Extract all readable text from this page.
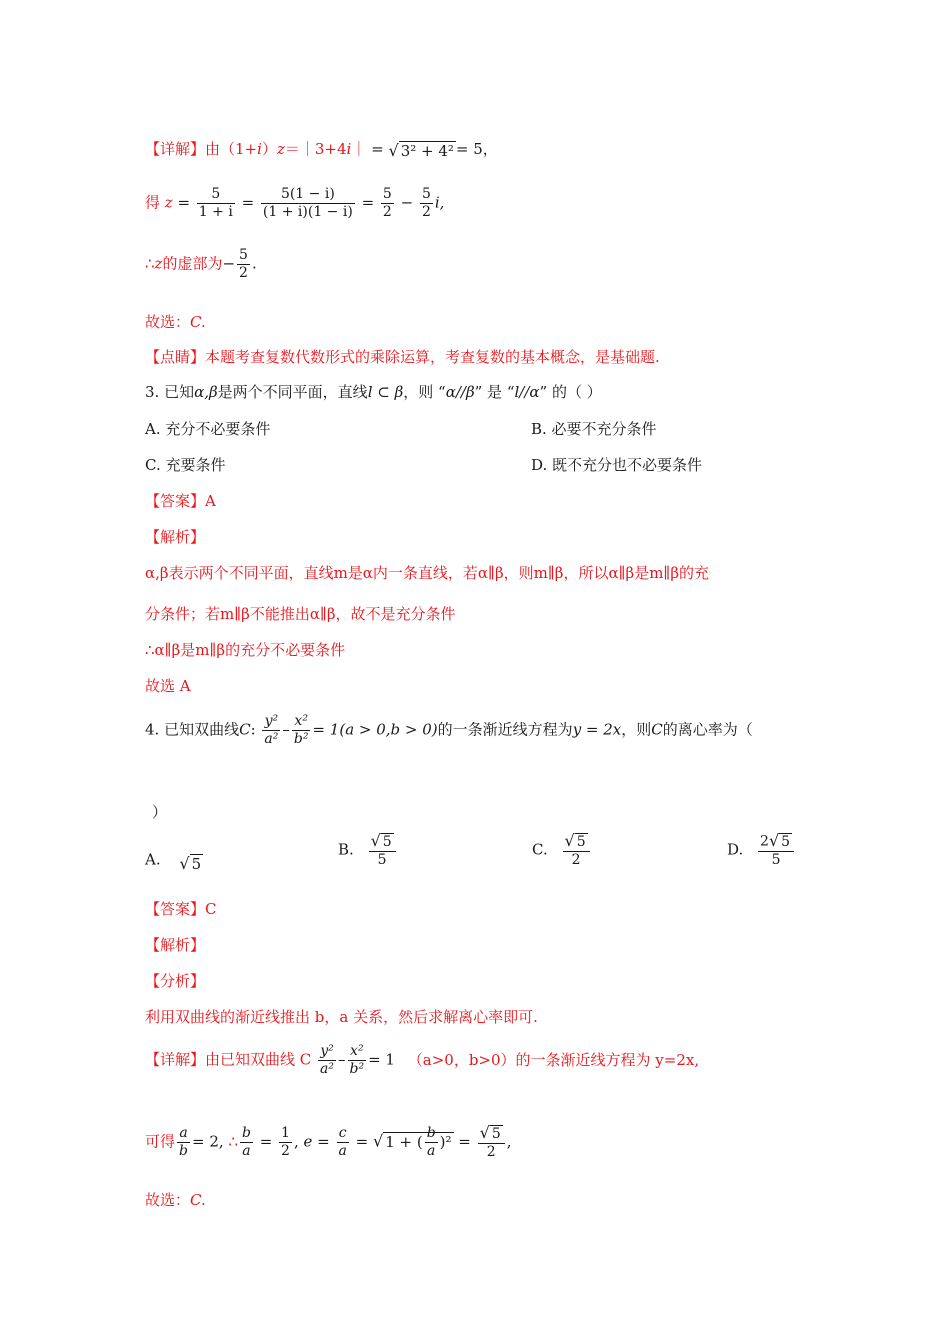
【详解】由（1+i）z＝｜3+4i｜ = √ 3² + 4² = 5，
得 $z = \frac{5}{1 + i} = \frac{5(1 - i)}{(1 + i)(1 - i)} = \frac{5}{2} - \frac{5}{2} i$,
∴z的虚部为− $\frac{5}{2}$ .
故选：C.
【点睛】本题考查复数代数形式的乘除运算，考查复数的基本概念，是基础题.
3. 已知α,β是两个不同平面，直线l ⊂ β，则 “α//β” 是 “l//α” 的（ ）
A. 充分不必要条件	B. 必要不充分条件
C. 充要条件	D. 既不充分也不必要条件
【答案】A
【解析】
α,β表示两个不同平面，直线m是α内一条直线，若α∥β，则m∥β，所以α∥β是m∥β的充
分条件；若m∥β不能推出α∥β，故不是充分条件
∴α∥β是m∥β的充分不必要条件
故选 A
4. 已知双曲线C: $\frac{\text{y²}}{\text{a²}} - \frac{\text{x²}}{\text{b²}} = 1(a > 0,b > 0)$的一条渐近线方程为y = 2x，则C的离心率为（
）
A. √ 5
B. $\frac{√ 5}{5}$	C. $\frac{√ 5}{2}$	D. $\frac{2√ 5}{5}$
【答案】C
【解析】
【分析】
利用双曲线的渐近线推出 b，a 关系，然后求解离心率即可.
【详解】由已知双曲线 C $\frac{\text{y²}}{\text{a²}} - \frac{\text{x²}}{\text{b²}} = 1$ （a>0，b>0）的一条渐近线方程为 y=2x,
可得 $\frac{a}{b} = 2$, ∴ $\frac{b}{a} = \frac{1}{2}$ , $e = \frac{c}{a}$ = √ 1 + ( $\frac{b}{a} )^2 = \frac{√ 5}{2}$ ,
故选：C.
